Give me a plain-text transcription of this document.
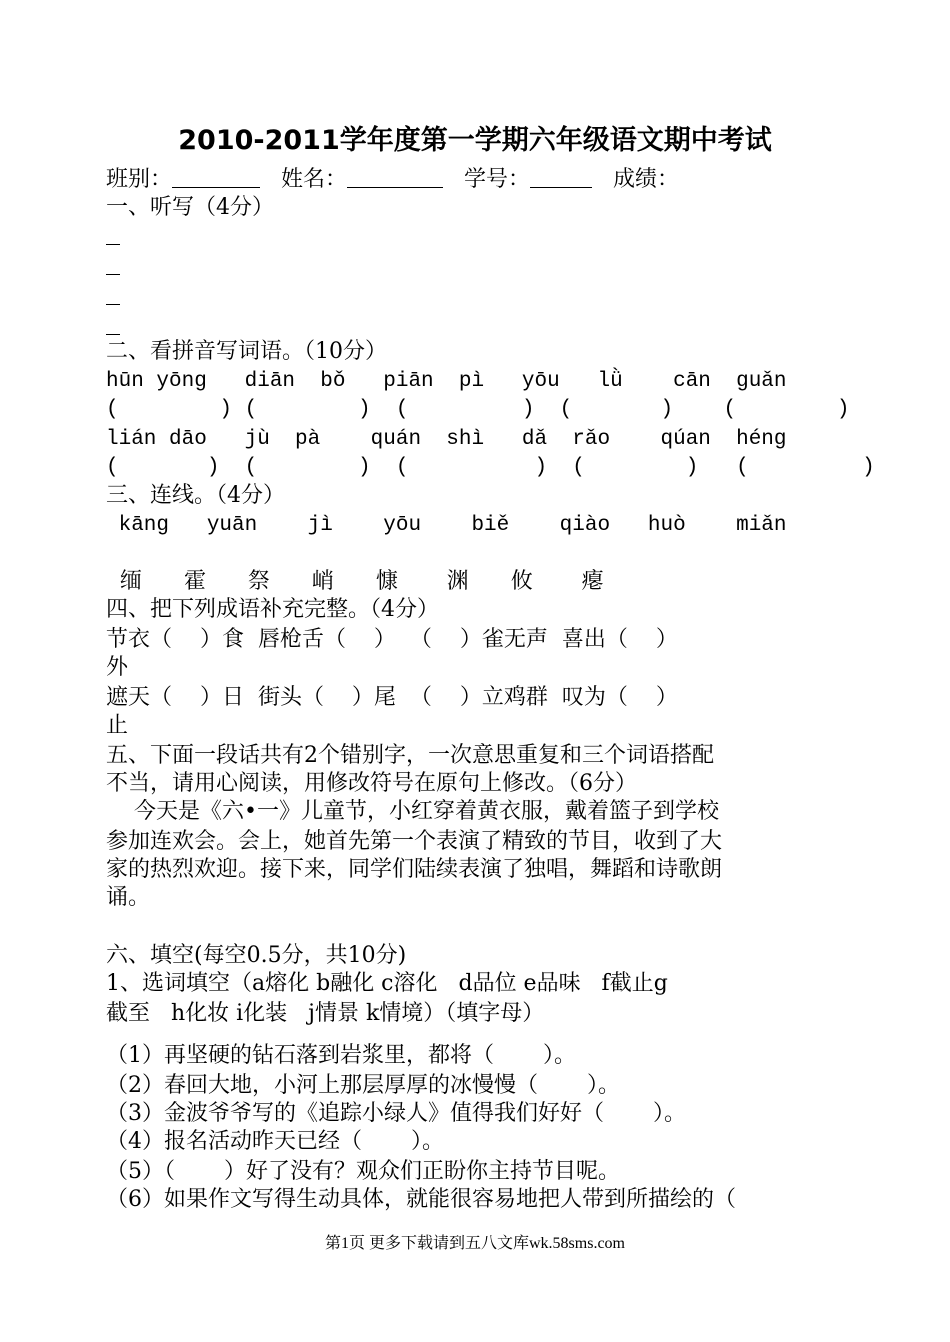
2010-2011学年度第一学期六年级语文期中考试
班别：	姓名：	学号：	成绩：
一、听写（4分）
二、看拼音写词语。（10分）
hūn yōng   diān  bǒ   piān  pì   yōu   lǜ    cān  guǎn
(        ) (        )  (         )  (       )    (        )
lián dāo   jù  pà    quán  shì   dǎ  rǎo    qúan  héng
(       )  (        )  (          )  (        )   (         )
三、连线。（4分）
kāng   yuān    jì    yōu    biě    qiào   huò    miǎn
缅      霍      祭      峭      慷       渊      攸       瘪
四、把下列成语补充完整。（4分）
节衣（    ）食  唇枪舌（    ）  （    ）雀无声  喜出（    ）
外
遮天（    ）日  街头（    ）尾  （    ）立鸡群  叹为（    ）
止
五、下面一段话共有2个错别字，一次意思重复和三个词语搭配
不当，请用心阅读，用修改符号在原句上修改。（6分）
今天是《六•一》儿童节，小红穿着黄衣服，戴着篮子到学校
参加连欢会。会上，她首先第一个表演了精致的节目，收到了大
家的热烈欢迎。接下来，同学们陆续表演了独唱，舞蹈和诗歌朗
诵。
六、填空(每空0.5分，共10分)
1、选词填空（a熔化 b融化 c溶化   d品位 e品味   f截止g
截至   h化妆 i化装   j情景 k情境）（填字母）
（1）再坚硬的钻石落到岩浆里，都将（       ）。
（2）春回大地，小河上那层厚厚的冰慢慢（       ）。
（3）金波爷爷写的《追踪小绿人》值得我们好好（       ）。
（4）报名活动昨天已经（       ）。
（5）（       ）好了没有？观众们正盼你主持节目呢。
（6）如果作文写得生动具体，就能很容易地把人带到所描绘的（
第1页 更多下载请到五八文库wk.58sms.com
